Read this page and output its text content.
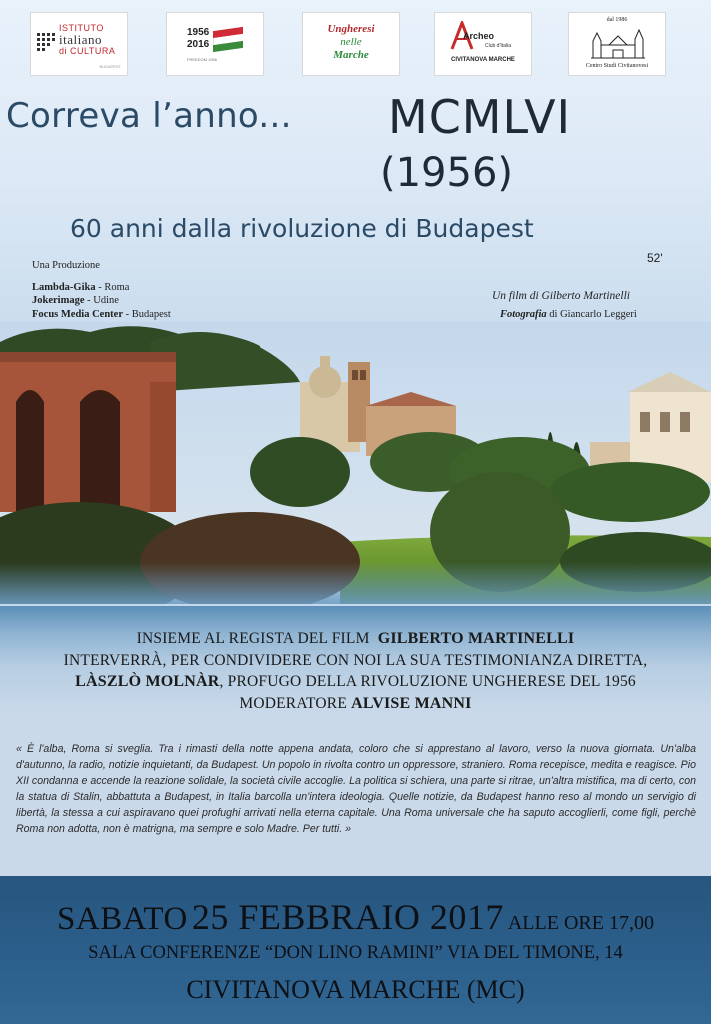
ISTITUTO
italiano
di CULTURA
BUDAPEST
1956
2016
FREEDOM 1956
Ungheresi
nelle
Marche
Archeo
Club d'Italia
CIVITANOVA MARCHE
dal 1986
Centro Studi Civitanovesi
Correva l’anno... MCMLVI
(1956)
60 anni dalla rivoluzione di Budapest
52'
Una Produzione
Lambda-Gika - Roma
Jokerimage - Udine
Focus Media Center - Budapest
Un film di Gilberto Martinelli
Fotografia di Giancarlo Leggeri
INSIEME AL REGISTA DEL FILM GILBERTO MARTINELLI
INTERVERRÀ, PER CONDIVIDERE CON NOI LA SUA TESTIMONIANZA DIRETTA,
LÀSZLÒ MOLNÀR, PROFUGO DELLA RIVOLUZIONE UNGHERESE DEL 1956
MODERATORE ALVISE MANNI
« È l'alba, Roma si sveglia. Tra i rimasti della notte appena andata, coloro che si apprestano al lavoro, verso la nuova giornata. Un'alba d'autunno, la radio, notizie inquietanti, da Budapest. Un popolo in rivolta contro un oppressore, straniero. Roma recepisce, medita e reagisce. Pio XII condanna e accende la reazione solidale, la società civile accoglie. La politica si schiera, una parte si ritrae, un'altra mistifica, ma di certo, con la statua di Stalin, abbattuta a Budapest, in Italia barcolla un'intera ideologia. Quelle notizie, da Budapest hanno reso al mondo un servigio di libertà, la stessa a cui aspiravano quei profughi arrivati nella eterna capitale. Una Roma universale che ha saputo accoglierli, come figli, perchè Roma non adotta, non è matrigna, ma sempre e solo Madre. Per tutti. »
SABATO 25 FEBBRAIO 2017 ALLE ORE 17,00
SALA CONFERENZE “DON LINO RAMINI” VIA DEL TIMONE, 14
CIVITANOVA MARCHE (MC)
